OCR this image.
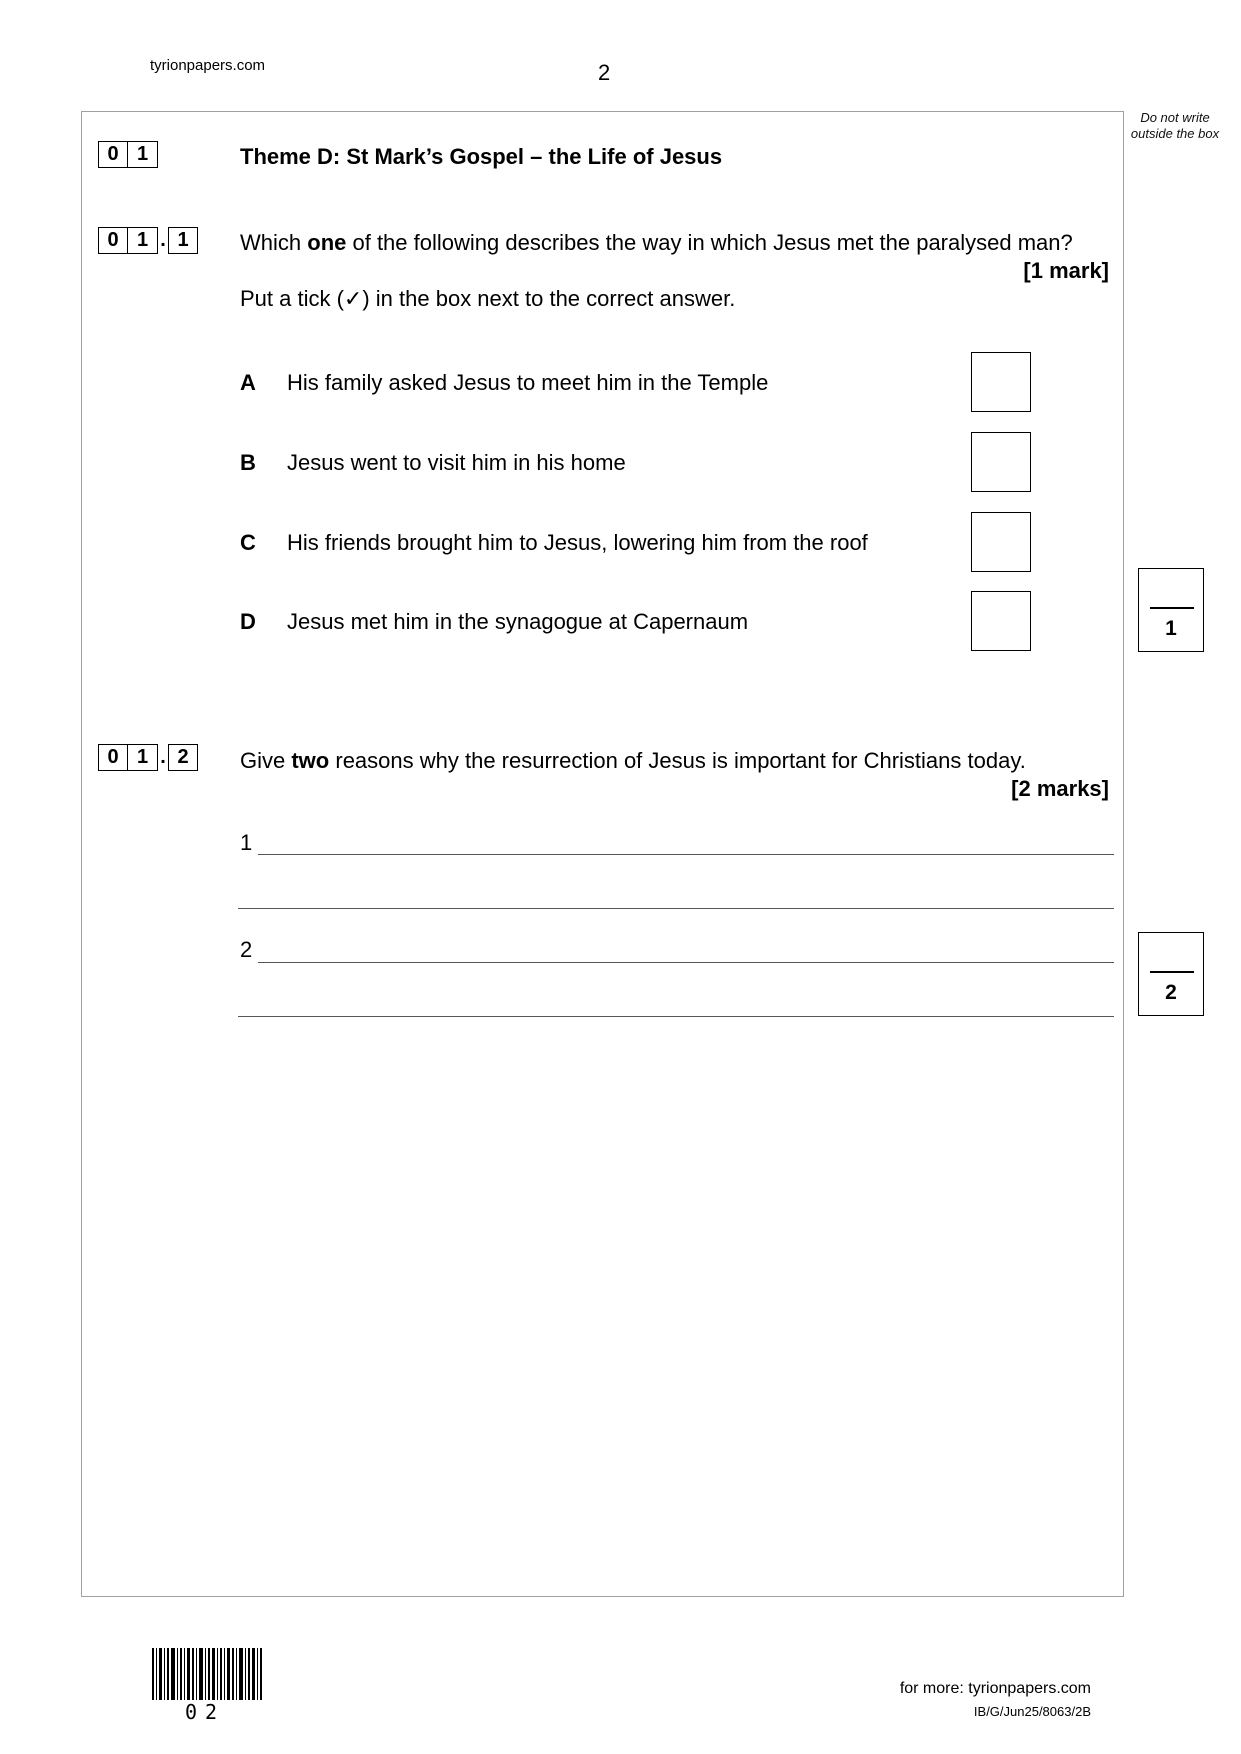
tyrionpapers.com	2
Do not write outside the box
0 1	Theme D: St Mark’s Gospel – the Life of Jesus
0 1 . 1	Which one of the following describes the way in which Jesus met the paralysed man?
[1 mark]
Put a tick (✓) in the box next to the correct answer.
A His family asked Jesus to meet him in the Temple
B Jesus went to visit him in his home
C His friends brought him to Jesus, lowering him from the roof
D Jesus met him in the synagogue at Capernaum	1
0 1 . 2	Give two reasons why the resurrection of Jesus is important for Christians today.
[2 marks]
1
2
2
02
for more: tyrionpapers.com
IB/G/Jun25/8063/2B
